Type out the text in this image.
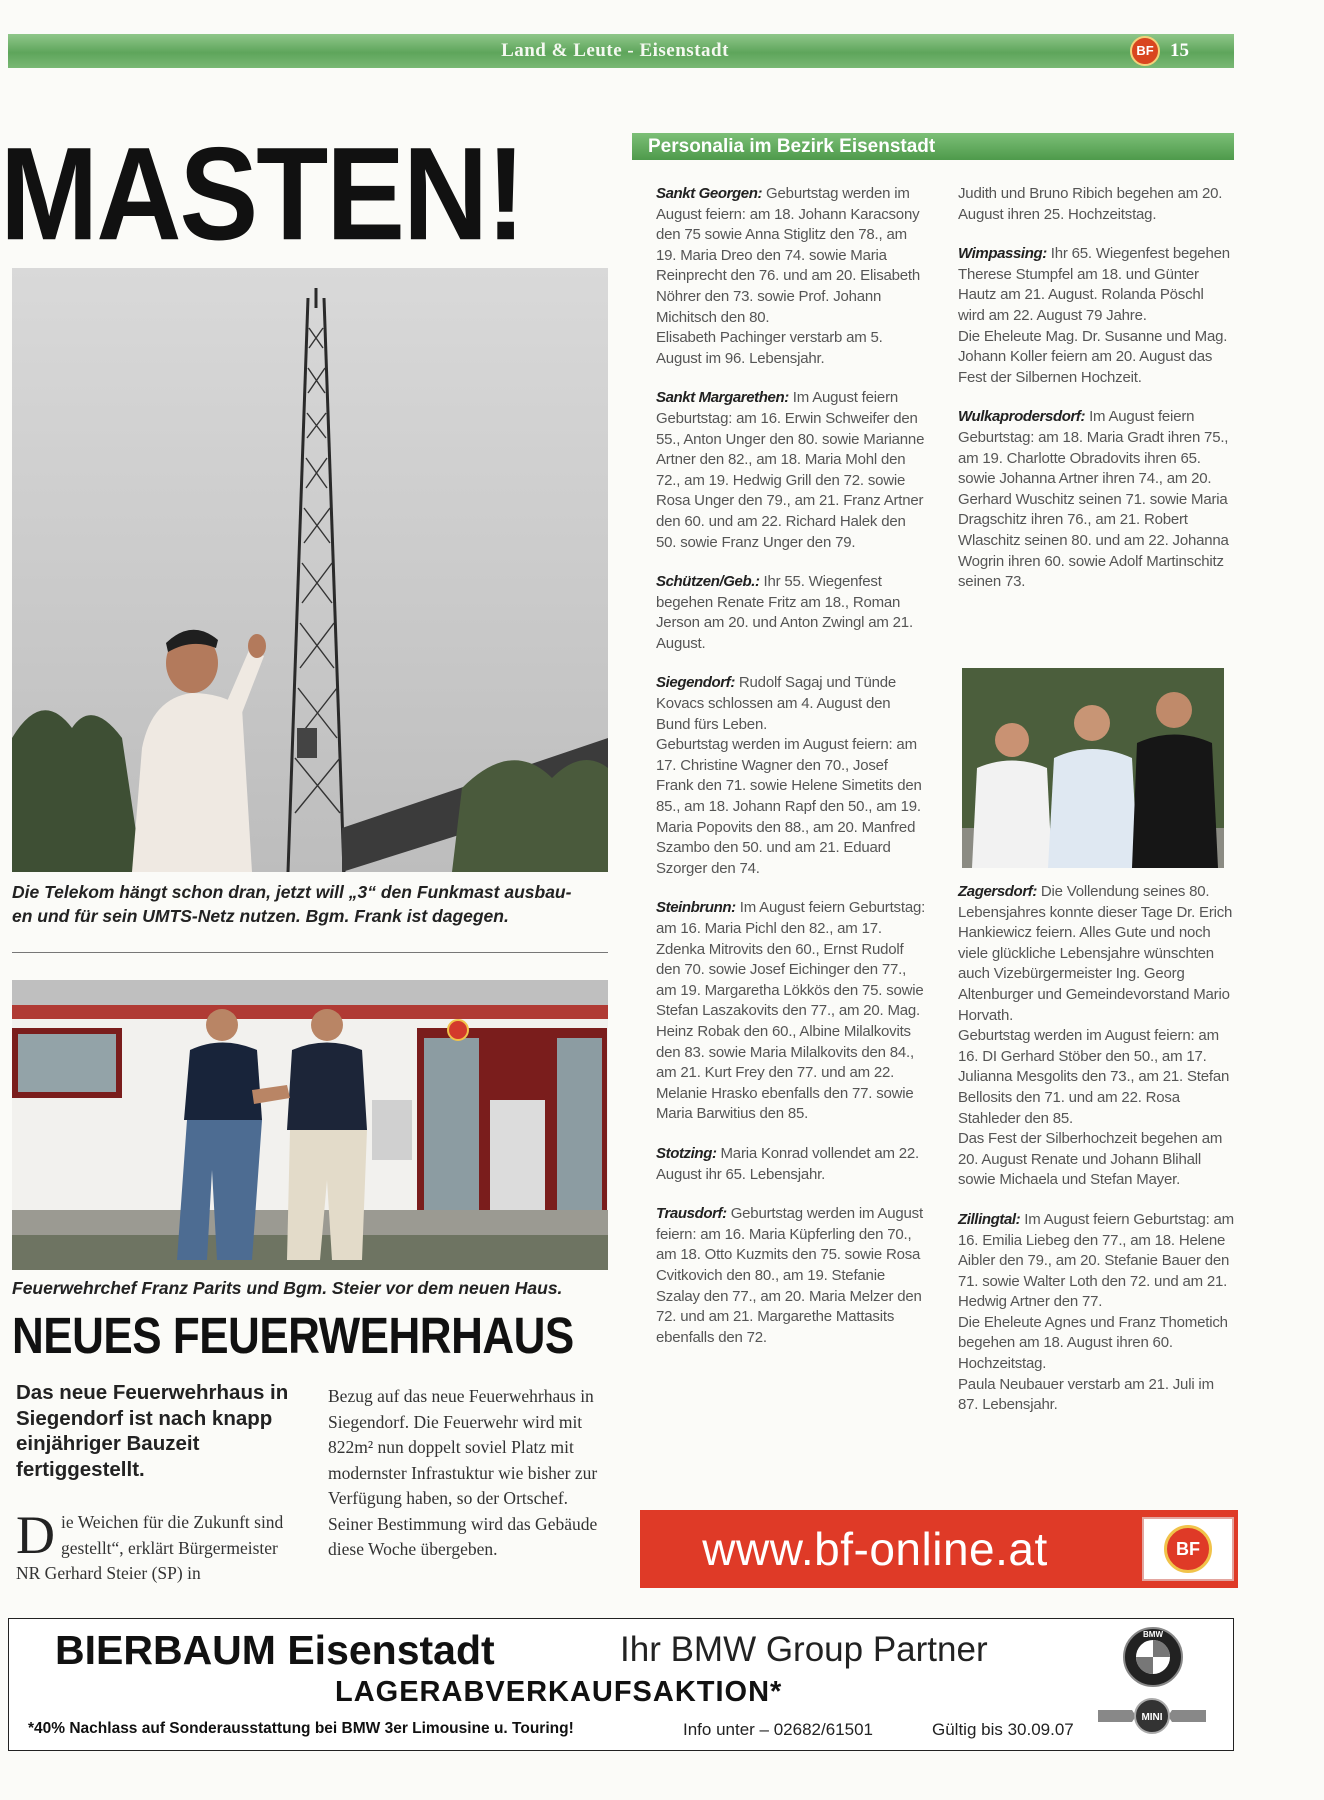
Land & Leute - Eisenstadt	BF 15
MASTEN!
Die Telekom hängt schon dran, jetzt will „3“ den Funkmast ausbau-
en und für sein UMTS-Netz nutzen. Bgm. Frank ist dagegen.
Feuerwehrchef Franz Parits und Bgm. Steier vor dem neuen Haus.
NEUES FEUERWEHRHAUS
Das neue Feuerwehrhaus in Siegendorf ist nach knapp einjähriger Bauzeit fertiggestellt.
D ie Weichen für die Zukunft sind gestellt“, erklärt Bürgermeister NR Gerhard Steier (SP) in
Bezug auf das neue Feuerwehrhaus in Siegendorf. Die Feuerwehr wird mit 822m² nun doppelt soviel Platz mit modernster Infrastuktur wie bisher zur Verfügung haben, so der Ortschef. Seiner Bestimmung wird das Gebäude diese Woche übergeben.
Personalia im Bezirk Eisenstadt

Sankt Georgen: Geburtstag werden im August feiern: am 18. Johann Karacsony den 75 sowie Anna Stiglitz den 78., am 19. Maria Dreo den 74. sowie Maria Reinprecht den 76. und am 20. Elisabeth Nöhrer den 73. sowie Prof. Johann Michitsch den 80.
Elisabeth Pachinger verstarb am 5. August im 96. Lebensjahr.

Sankt Margarethen: Im August feiern Geburtstag: am 16. Erwin Schweifer den 55., Anton Unger den 80. sowie Marianne Artner den 82., am 18. Maria Mohl den 72., am 19. Hedwig Grill den 72. sowie Rosa Unger den 79., am 21. Franz Artner den 60. und am 22. Richard Halek den 50. sowie Franz Unger den 79.

Schützen/Geb.: Ihr 55. Wiegenfest begehen Renate Fritz am 18., Roman Jerson am 20. und Anton Zwingl am 21. August.

Siegendorf: Rudolf Sagaj und Tünde Kovacs schlossen am 4. August den Bund fürs Leben.
Geburtstag werden im August feiern: am 17. Christine Wagner den 70., Josef Frank den 71. sowie Helene Simetits den 85., am 18. Johann Rapf den 50., am 19. Maria Popovits den 88., am 20. Manfred Szambo den 50. und am 21. Eduard Szorger den 74.

Steinbrunn: Im August feiern Geburtstag: am 16. Maria Pichl den 82., am 17. Zdenka Mitrovits den 60., Ernst Rudolf den 70. sowie Josef Eichinger den 77., am 19. Margaretha Lökkös den 75. sowie Stefan Laszakovits den 77., am 20. Mag. Heinz Robak den 60., Albine Milalkovits den 83. sowie Maria Milalkovits den 84., am 21. Kurt Frey den 77. und am 22. Melanie Hrasko ebenfalls den 77. sowie Maria Barwitius den 85.

Stotzing: Maria Konrad vollendet am 22. August ihr 65. Lebensjahr.

Trausdorf: Geburtstag werden im August feiern: am 16. Maria Küpferling den 70., am 18. Otto Kuzmits den 75. sowie Rosa Cvitkovich den 80., am 19. Stefanie Szalay den 77., am 20. Maria Melzer den 72. und am 21. Margarethe Mattasits ebenfalls den 72.

Judith und Bruno Ribich begehen am 20. August ihren 25. Hochzeitstag.

Wimpassing: Ihr 65. Wiegenfest begehen Therese Stumpfel am 18. und Günter Hautz am 21. August. Rolanda Pöschl wird am 22. August 79 Jahre.
Die Eheleute Mag. Dr. Susanne und Mag. Johann Koller feiern am 20. August das Fest der Silbernen Hochzeit.

Wulkaprodersdorf: Im August feiern Geburtstag: am 18. Maria Gradt ihren 75., am 19. Charlotte Obradovits ihren 65. sowie Johanna Artner ihren 74., am 20. Gerhard Wuschitz seinen 71. sowie Maria Dragschitz ihren 76., am 21. Robert Wlaschitz seinen 80. und am 22. Johanna Wogrin ihren 60. sowie Adolf Martinschitz seinen 73.

Zagersdorf: Die Vollendung seines 80. Lebensjahres konnte dieser Tage Dr. Erich Hankiewicz feiern. Alles Gute und noch viele glückliche Lebensjahre wünschten auch Vizebürgermeister Ing. Georg Altenburger und Gemeindevorstand Mario Horvath.
Geburtstag werden im August feiern: am 16. DI Gerhard Stöber den 50., am 17. Julianna Mesgolits den 73., am 21. Stefan Bellosits den 71. und am 22. Rosa Stahleder den 85.
Das Fest der Silberhochzeit begehen am 20. August Renate und Johann Blihall sowie Michaela und Stefan Mayer.

Zillingtal: Im August feiern Geburtstag: am 16. Emilia Liebeg den 77., am 18. Helene Aibler den 79., am 20. Stefanie Bauer den 71. sowie Walter Loth den 72. und am 21. Hedwig Artner den 77.
Die Eheleute Agnes und Franz Thometich begehen am 18. August ihren 60. Hochzeitstag.
Paula Neubauer verstarb am 21. Juli im 87. Lebensjahr.

www.bf-online.at	BF
BIERBAUM Eisenstadt	Ihr BMW Group Partner
LAGERABVERKAUFSAKTION*
*40% Nachlass auf Sonderausstattung bei BMW 3er Limousine u. Touring!	Info unter – 02682/61501	Gültig bis 30.09.07
BMW
MINI
